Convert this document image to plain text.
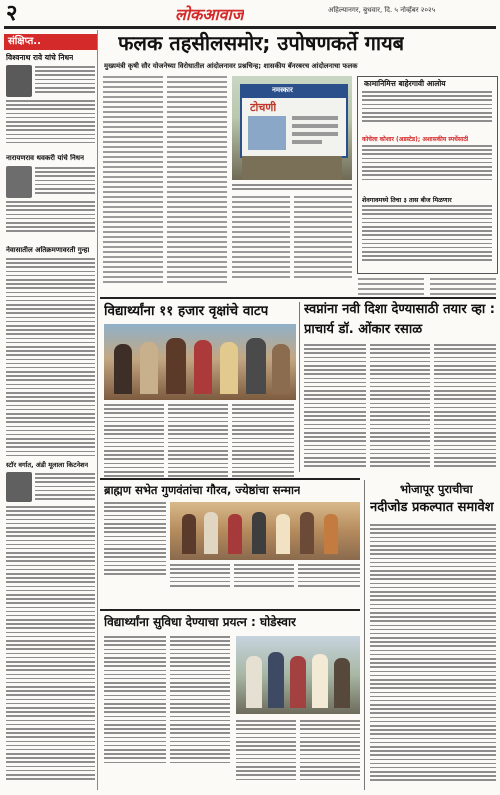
२	लोकआवाज	अहिल्यानगर, बुधवार, दि. ५ नोव्हेंबर २०२५
संक्षिप्त..
विश्वनाथ रावे यांचे निधन
नारायणराव थवकरी यांचे निधन
नेवासातील अतिक्रमणावरती गुन्हा
स्टॉर वर्गात, अंडी मूलाला किटनेशन
फलक तहसीलसमोर; उपोषणकर्ते गायब
मुख्यमंत्री कृषी सौर योजनेच्या विरोधातील आंदोलनावर प्रश्नचिन्ह; शासकीय बॅनरबरच आंदोलनाचा फलक
नमस्कार
टोचणी
कामानिमित्त बाहेरगावी आलोय
कोचेला कोशार (अडस्टेड); अशासकीय स्पर्धेसाठी
शेवगावमध्ये तिचा ३ तास बीज मिळणार
विद्यार्थ्यांना ११ हजार वृक्षांचे वाटप	स्वप्नांना नवी दिशा देण्यासाठी तयार व्हा : प्राचार्य डॉ. ओंकार रसाळ
ब्राह्मण सभेत गुणवंतांचा गौरव, ज्येष्ठांचा सन्मान	भोजापूर पुराचीचा
नदीजोड प्रकल्पात समावेश
विद्यार्थ्यांना सुविधा देण्याचा प्रयत्न : घोडेस्वार
